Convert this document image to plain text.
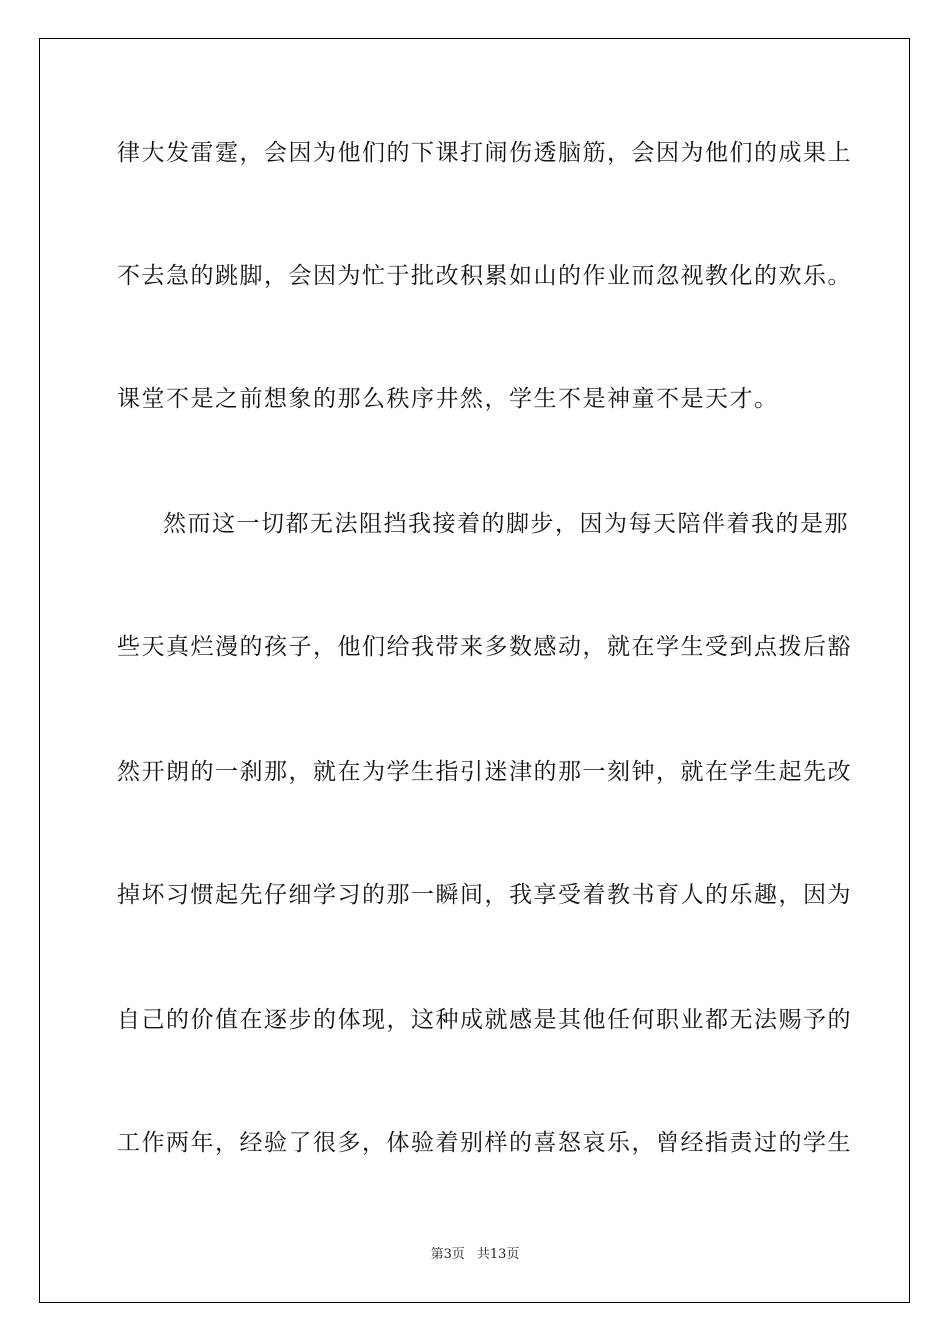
律大发雷霆，会因为他们的下课打闹伤透脑筋，会因为他们的成果上

不去急的跳脚，会因为忙于批改积累如山的作业而忽视教化的欢乐。

课堂不是之前想象的那么秩序井然，学生不是神童不是天才。

然而这一切都无法阻挡我接着的脚步，因为每天陪伴着我的是那

些天真烂漫的孩子，他们给我带来多数感动，就在学生受到点拨后豁

然开朗的一刹那，就在为学生指引迷津的那一刻钟，就在学生起先改

掉坏习惯起先仔细学习的那一瞬间，我享受着教书育人的乐趣，因为

自己的价值在逐步的体现，这种成就感是其他任何职业都无法赐予的

工作两年，经验了很多，体验着别样的喜怒哀乐，曾经指责过的学生

第3页 共13页
